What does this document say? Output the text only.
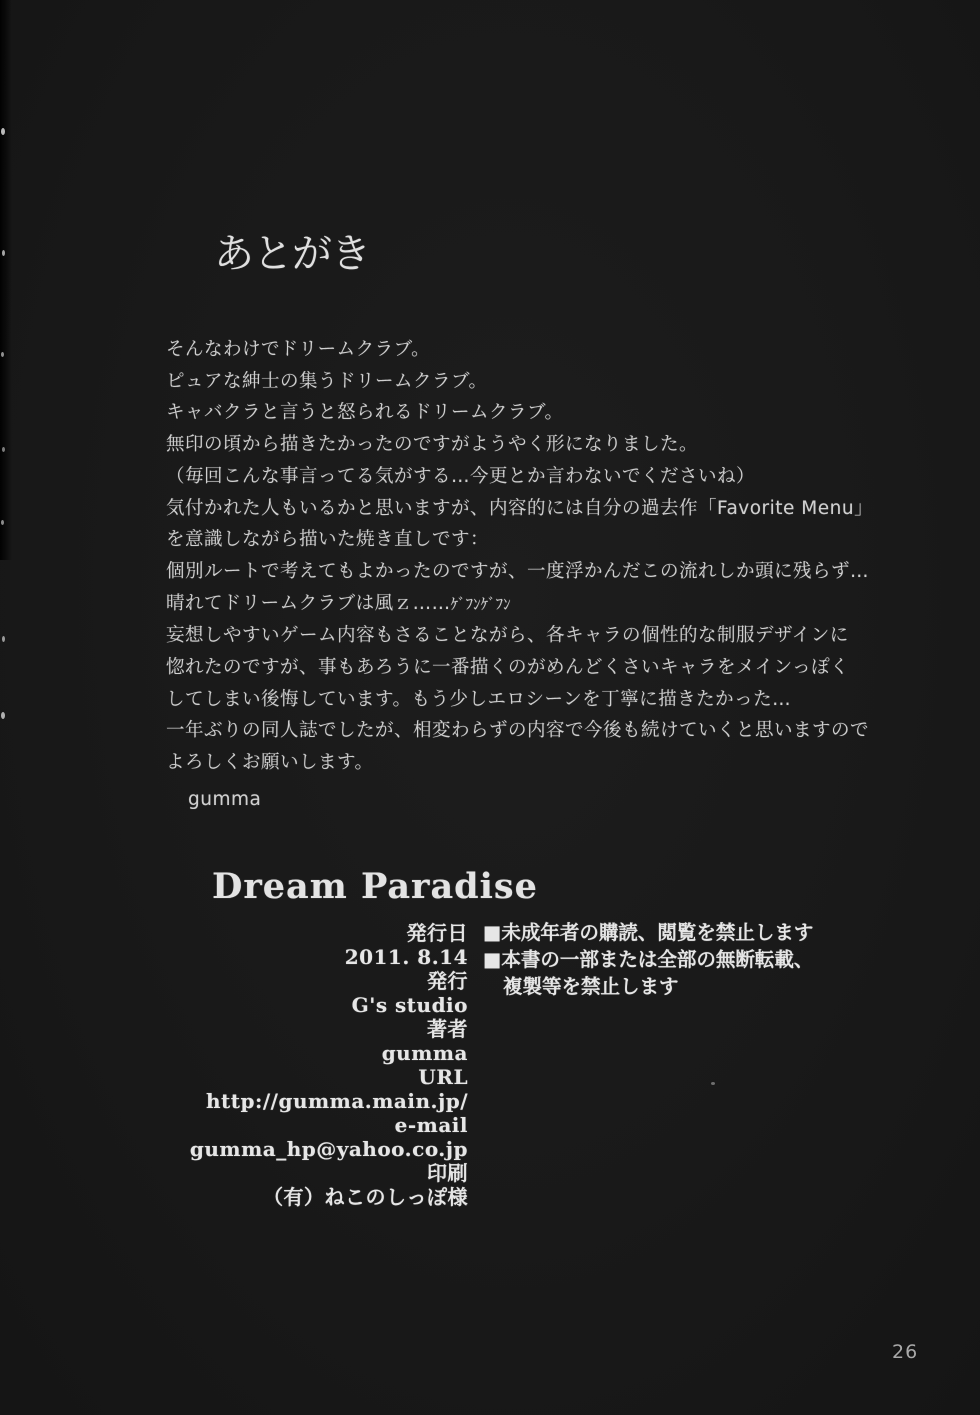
あとがき
そんなわけでドリームクラブ。
ピュアな紳士の集うドリームクラブ。
キャバクラと言うと怒られるドリームクラブ。
無印の頃から描きたかったのですがようやく形になりました。
（毎回こんな事言ってる気がする…今更とか言わないでくださいね）
気付かれた人もいるかと思いますが、内容的には自分の過去作「Favorite Menu」
を意識しながら描いた焼き直しです：
個別ルートで考えてもよかったのですが、一度浮かんだこの流れしか頭に残らず…
晴れてドリームクラブは風ｚ……ｹﾞﾌﾝｹﾞﾌﾝ
妄想しやすいゲーム内容もさることながら、各キャラの個性的な制服デザインに
惚れたのですが、事もあろうに一番描くのがめんどくさいキャラをメインっぽく
してしまい後悔しています。もう少しエロシーンを丁寧に描きたかった…
一年ぶりの同人誌でしたが、相変わらずの内容で今後も続けていくと思いますので
よろしくお願いします。
gumma
Dream Paradise
発行日
2011. 8.14
発行
G's studio
著者
gumma
URL
http://gumma.main.jp/
e-mail
gumma_hp@yahoo.co.jp
印刷
（有）ねこのしっぽ様
■未成年者の購読、閲覧を禁止します
■本書の一部または全部の無断転載、
複製等を禁止します
26
